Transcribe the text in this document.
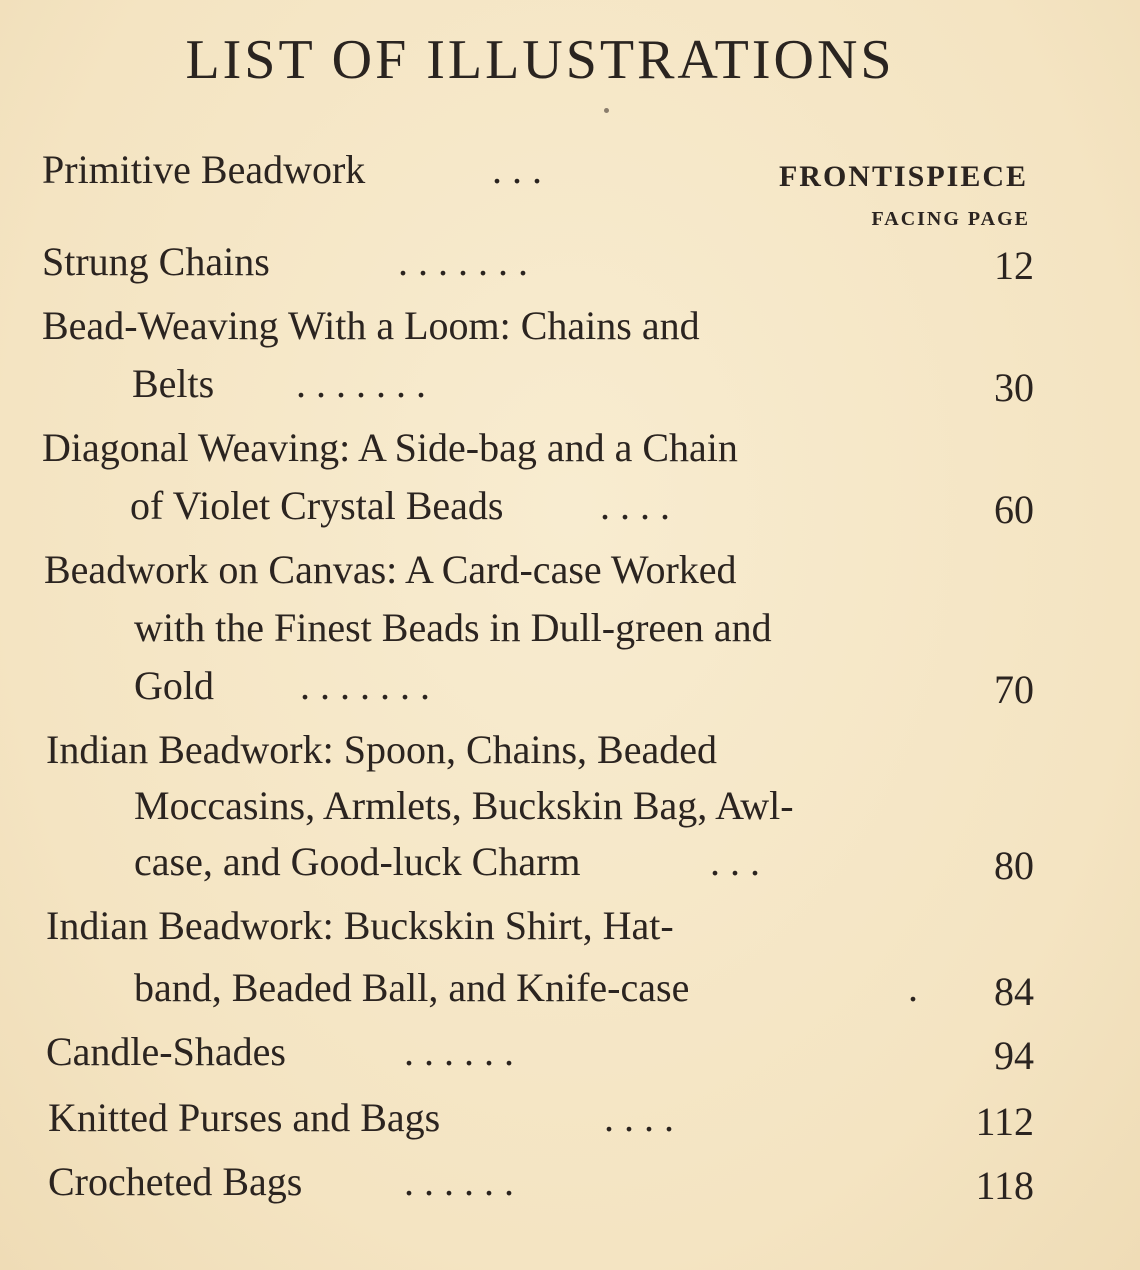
LIST OF ILLUSTRATIONS
Primitive Beadwork	. . .	FRONTISPIECE
FACING PAGE
Strung Chains	. . . . . . .	12
Bead-Weaving With a Loom: Chains and
Belts . . . . . . .	30
Diagonal Weaving: A Side-bag and a Chain
of Violet Crystal Beads . . . .	60
Beadwork on Canvas: A Card-case Worked
with the Finest Beads in Dull-green and
Gold . . . . . . .	70
Indian Beadwork: Spoon, Chains, Beaded
Moccasins, Armlets, Buckskin Bag, Awl-
case, and Good-luck Charm	. . .	80
Indian Beadwork: Buckskin Shirt, Hat-
band, Beaded Ball, and Knife-case	. 84
Candle-Shades	. . . . . .	94
Knitted Purses and Bags	. . . .	112
Crocheted Bags	. . . . . .	118
